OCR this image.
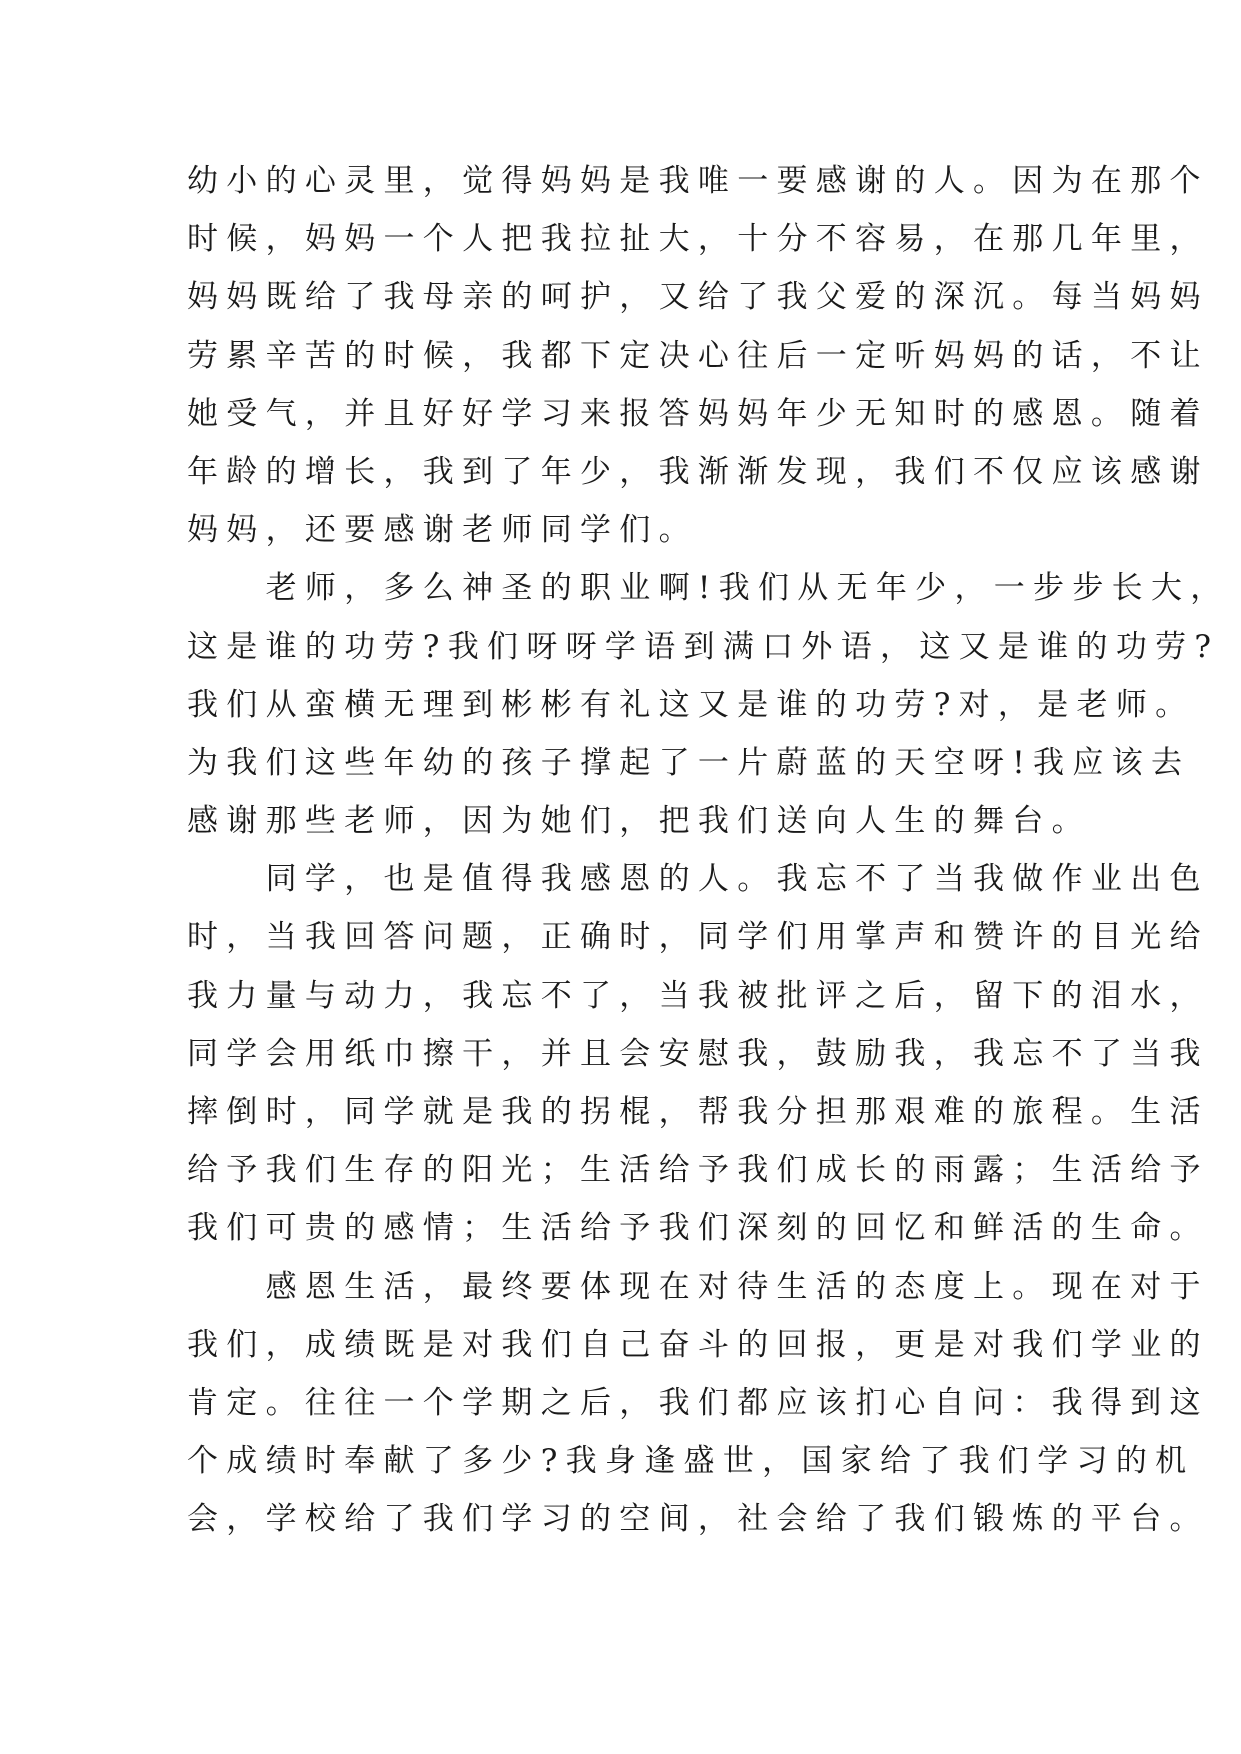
幼小的心灵里，觉得妈妈是我唯一要感谢的人。因为在那个
时候，妈妈一个人把我拉扯大，十分不容易，在那几年里，
妈妈既给了我母亲的呵护，又给了我父爱的深沉。每当妈妈
劳累辛苦的时候，我都下定决心往后一定听妈妈的话，不让
她受气，并且好好学习来报答妈妈年少无知时的感恩。随着
年龄的增长，我到了年少，我渐渐发现，我们不仅应该感谢
妈妈，还要感谢老师同学们。
　　老师，多么神圣的职业啊!我们从无年少，一步步长大，
这是谁的功劳?我们呀呀学语到满口外语，这又是谁的功劳?
我们从蛮横无理到彬彬有礼这又是谁的功劳?对，是老师。
为我们这些年幼的孩子撑起了一片蔚蓝的天空呀!我应该去
感谢那些老师，因为她们，把我们送向人生的舞台。
　　同学，也是值得我感恩的人。我忘不了当我做作业出色
时，当我回答问题，正确时，同学们用掌声和赞许的目光给
我力量与动力，我忘不了，当我被批评之后，留下的泪水，
同学会用纸巾擦干，并且会安慰我，鼓励我，我忘不了当我
摔倒时，同学就是我的拐棍，帮我分担那艰难的旅程。生活
给予我们生存的阳光；生活给予我们成长的雨露；生活给予
我们可贵的感情；生活给予我们深刻的回忆和鲜活的生命。
　　感恩生活，最终要体现在对待生活的态度上。现在对于
我们，成绩既是对我们自己奋斗的回报，更是对我们学业的
肯定。往往一个学期之后，我们都应该扪心自问：我得到这
个成绩时奉献了多少?我身逢盛世，国家给了我们学习的机
会，学校给了我们学习的空间，社会给了我们锻炼的平台。
